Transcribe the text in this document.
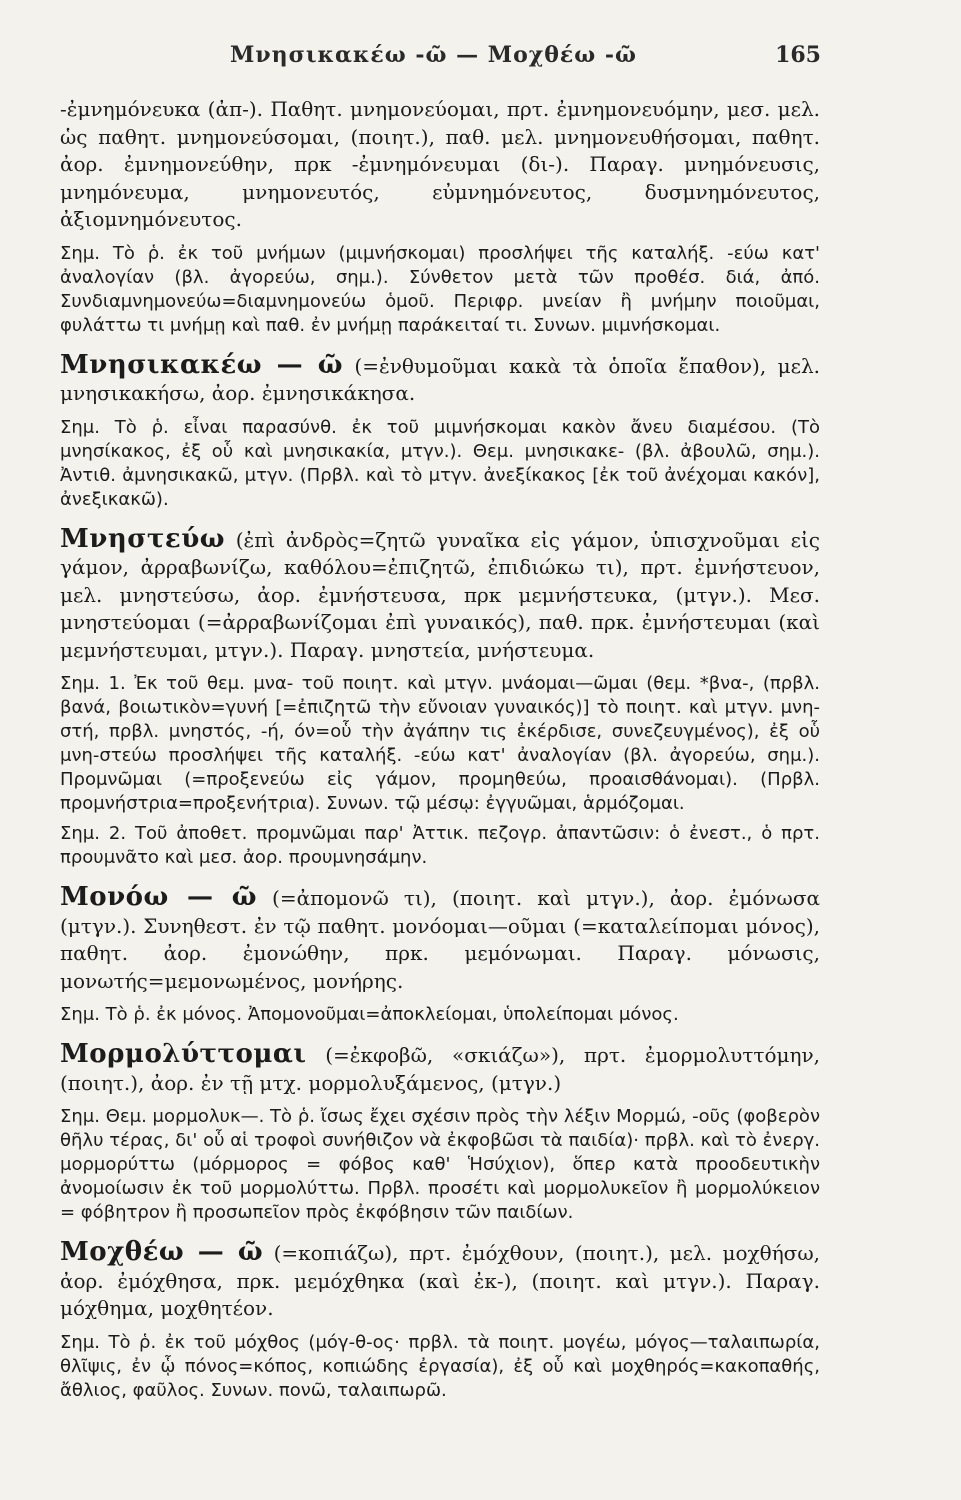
Μνησικακέω -ῶ — Μοχθέω -ῶ	165

-ἐμνημόνευκα (ἀπ-). Παθητ. μνημονεύομαι, πρτ. ἐμνημονευόμην, μεσ. μελ. ὡς παθητ. μνημονεύσομαι, (ποιητ.), παθ. μελ. μνημονευθήσομαι, παθητ. ἀορ. ἐμνημονεύθην, πρκ -ἐμνημόνευμαι (δι-). Παραγ. μνημόνευσις, μνημόνευμα, μνημονευτός, εὐμνημόνευτος, δυσμνημόνευτος, ἀξιομνημόνευτος.

Σημ. Τὸ ῥ. ἐκ τοῦ μνήμων (μιμνήσκομαι) προσλήψει τῆς καταλήξ. -εύω κατ' ἀναλογίαν (βλ. ἀγορεύω, σημ.). Σύνθετον μετὰ τῶν προθέσ. διά, ἀπό. Συνδιαμνημονεύω=διαμνημονεύω ὁμοῦ. Περιφρ. μνείαν ἢ μνήμην ποιοῦμαι, φυλάττω τι μνήμῃ καὶ παθ. ἐν μνήμῃ παράκειταί τι. Συνων. μιμνήσκομαι.

Μνησικακέω — ῶ (=ἐνθυμοῦμαι κακὰ τὰ ὁποῖα ἔπαθον), μελ. μνησικακήσω, ἀορ. ἐμνησικάκησα.

Σημ. Τὸ ῥ. εἶναι παρασύνθ. ἐκ τοῦ μιμνήσκομαι κακὸν ἄνευ διαμέσου. (Τὸ μνησίκακος, ἐξ οὗ καὶ μνησικακία, μτγν.). Θεμ. μνησικακε- (βλ. ἀβουλῶ, σημ.). Ἀντιθ. ἀμνησικακῶ, μτγν. (Πρβλ. καὶ τὸ μτγν. ἀνεξίκακος [ἐκ τοῦ ἀνέχομαι κακόν], ἀνεξικακῶ).

Μνηστεύω (ἐπὶ ἀνδρὸς=ζητῶ γυναῖκα εἰς γάμον, ὑπισχνοῦμαι εἰς γάμον, ἀρραβωνίζω, καθόλου=ἐπιζητῶ, ἐπιδιώκω τι), πρτ. ἐμνήστευον, μελ. μνηστεύσω, ἀορ. ἐμνήστευσα, πρκ μεμνήστευκα, (μτγν.). Μεσ. μνηστεύομαι (=ἀρραβωνίζομαι ἐπὶ γυναικός), παθ. πρκ. ἐμνήστευμαι (καὶ μεμνήστευμαι, μτγν.). Παραγ. μνηστεία, μνήστευμα.

Σημ. 1. Ἐκ τοῦ θεμ. μνα- τοῦ ποιητ. καὶ μτγν. μνάομαι—ῶμαι (θεμ. *βνα-, (πρβλ. βανά, βοιωτικὸν=γυνή [=ἐπιζητῶ τὴν εὔνοιαν γυναικός)] τὸ ποιητ. καὶ μτγν. μνη-στή, πρβλ. μνηστός, -ή, όν=οὗ τὴν ἀγάπην τις ἐκέρδισε, συνεζευγμένος), ἐξ οὗ μνη-στεύω προσλήψει τῆς καταλήξ. -εύω κατ' ἀναλογίαν (βλ. ἀγορεύω, σημ.). Προμνῶμαι (=προξενεύω εἰς γάμον, προμηθεύω, προαισθάνομαι). (Πρβλ. προμνήστρια=προξενήτρια). Συνων. τῷ μέσῳ: ἐγγυῶμαι, ἁρμόζομαι.

Σημ. 2. Τοῦ ἀποθετ. προμνῶμαι παρ' Ἀττικ. πεζογρ. ἀπαντῶσιν: ὁ ἐνεστ., ὁ πρτ. προυμνᾶτο καὶ μεσ. ἀορ. προυμνησάμην.

Μονόω — ῶ (=ἀπομονῶ τι), (ποιητ. καὶ μτγν.), ἀορ. ἐμόνωσα (μτγν.). Συνηθεστ. ἐν τῷ παθητ. μονόομαι—οῦμαι (=καταλείπομαι μόνος), παθητ. ἀορ. ἐμονώθην, πρκ. μεμόνωμαι. Παραγ. μόνωσις, μονωτής=μεμονωμένος, μονήρης.

Σημ. Τὸ ῥ. ἐκ μόνος. Ἀπομονοῦμαι=ἀποκλείομαι, ὑπολείπομαι μόνος.

Μορμολύττομαι (=ἐκφοβῶ, «σκιάζω»), πρτ. ἐμορμολυττόμην, (ποιητ.), ἀορ. ἐν τῇ μτχ. μορμολυξάμενος, (μτγν.)

Σημ. Θεμ. μορμολυκ—. Τὸ ῥ. ἴσως ἔχει σχέσιν πρὸς τὴν λέξιν Μορμώ, -οῦς (φοβερὸν θῆλυ τέρας, δι' οὗ αἱ τροφοὶ συνήθιζον νὰ ἐκφοβῶσι τὰ παιδία)· πρβλ. καὶ τὸ ἐνεργ. μορμορύττω (μόρμορος = φόβος καθ' Ἡσύχιον), ὅπερ κατὰ προοδευτικὴν ἀνομοίωσιν ἐκ τοῦ μορμολύττω. Πρβλ. προσέτι καὶ μορμολυκεῖον ἢ μορμολύκειον = φόβητρον ἢ προσωπεῖον πρὸς ἐκφόβησιν τῶν παιδίων.

Μοχθέω — ῶ (=κοπιάζω), πρτ. ἐμόχθουν, (ποιητ.), μελ. μοχθήσω, ἀορ. ἐμόχθησα, πρκ. μεμόχθηκα (καὶ ἐκ-), (ποιητ. καὶ μτγν.). Παραγ. μόχθημα, μοχθητέον.

Σημ. Τὸ ῥ. ἐκ τοῦ μόχθος (μόγ-θ-ος· πρβλ. τὰ ποιητ. μογέω, μόγος—ταλαιπωρία, θλῖψις, ἐν ᾧ πόνος=κόπος, κοπιώδης ἐργασία), ἐξ οὗ καὶ μοχθηρός=κακοπαθής, ἄθλιος, φαῦλος. Συνων. πονῶ, ταλαιπωρῶ.
